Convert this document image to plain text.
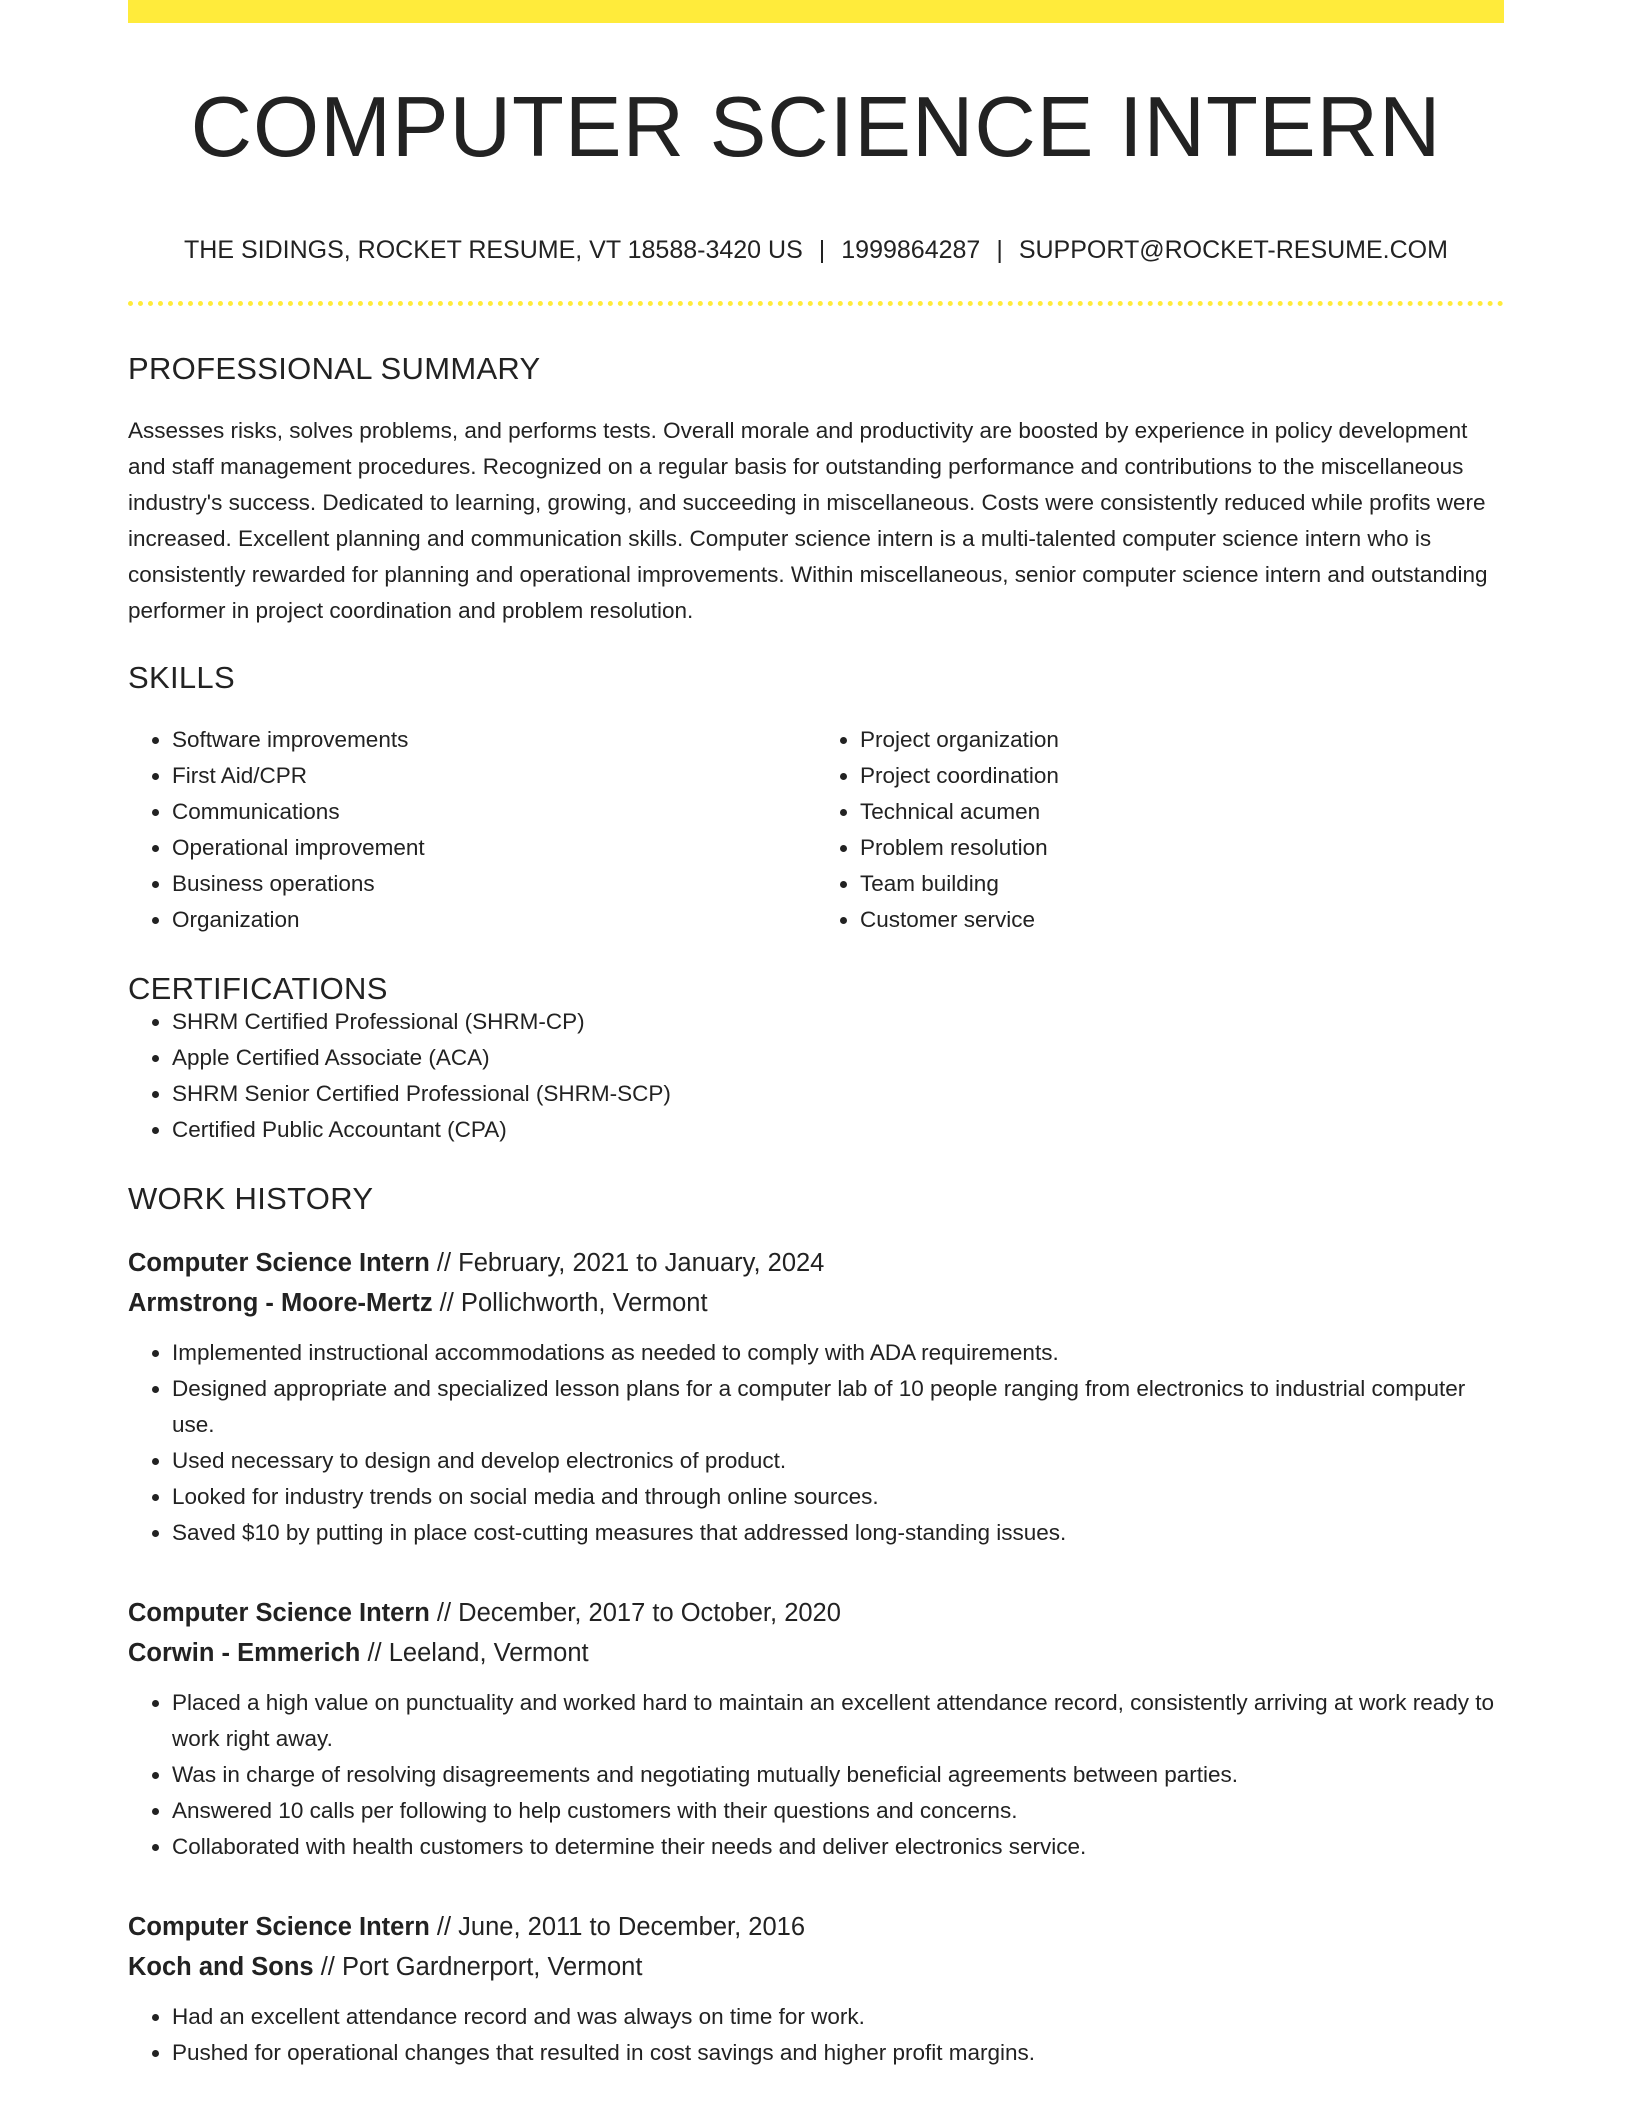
COMPUTER SCIENCE INTERN
THE SIDINGS, ROCKET RESUME, VT 18588-3420 US | 1999864287 | SUPPORT@ROCKET-RESUME.COM
PROFESSIONAL SUMMARY

Assesses risks, solves problems, and performs tests. Overall morale and productivity are boosted by experience in policy development and staff management procedures. Recognized on a regular basis for outstanding performance and contributions to the miscellaneous industry's success. Dedicated to learning, growing, and succeeding in miscellaneous. Costs were consistently reduced while profits were increased. Excellent planning and communication skills. Computer science intern is a multi-talented computer science intern who is consistently rewarded for planning and operational improvements. Within miscellaneous, senior computer science intern and outstanding performer in project coordination and problem resolution.

SKILLS
• Software improvements
• First Aid/CPR
• Communications
• Operational improvement
• Business operations
• Organization
• Project organization
• Project coordination
• Technical acumen
• Problem resolution
• Team building
• Customer service
CERTIFICATIONS
• SHRM Certified Professional (SHRM-CP)
• Apple Certified Associate (ACA)
• SHRM Senior Certified Professional (SHRM-SCP)
• Certified Public Accountant (CPA)
WORK HISTORY
Computer Science Intern // February, 2021 to January, 2024
Armstrong - Moore-Mertz // Pollichworth, Vermont
• Implemented instructional accommodations as needed to comply with ADA requirements.
• Designed appropriate and specialized lesson plans for a computer lab of 10 people ranging from electronics to industrial computer use.
• Used necessary to design and develop electronics of product.
• Looked for industry trends on social media and through online sources.
• Saved $10 by putting in place cost-cutting measures that addressed long-standing issues.
Computer Science Intern // December, 2017 to October, 2020
Corwin - Emmerich // Leeland, Vermont
• Placed a high value on punctuality and worked hard to maintain an excellent attendance record, consistently arriving at work ready to work right away.
• Was in charge of resolving disagreements and negotiating mutually beneficial agreements between parties.
• Answered 10 calls per following to help customers with their questions and concerns.
• Collaborated with health customers to determine their needs and deliver electronics service.
Computer Science Intern // June, 2011 to December, 2016
Koch and Sons // Port Gardnerport, Vermont
• Had an excellent attendance record and was always on time for work.
• Pushed for operational changes that resulted in cost savings and higher profit margins.
